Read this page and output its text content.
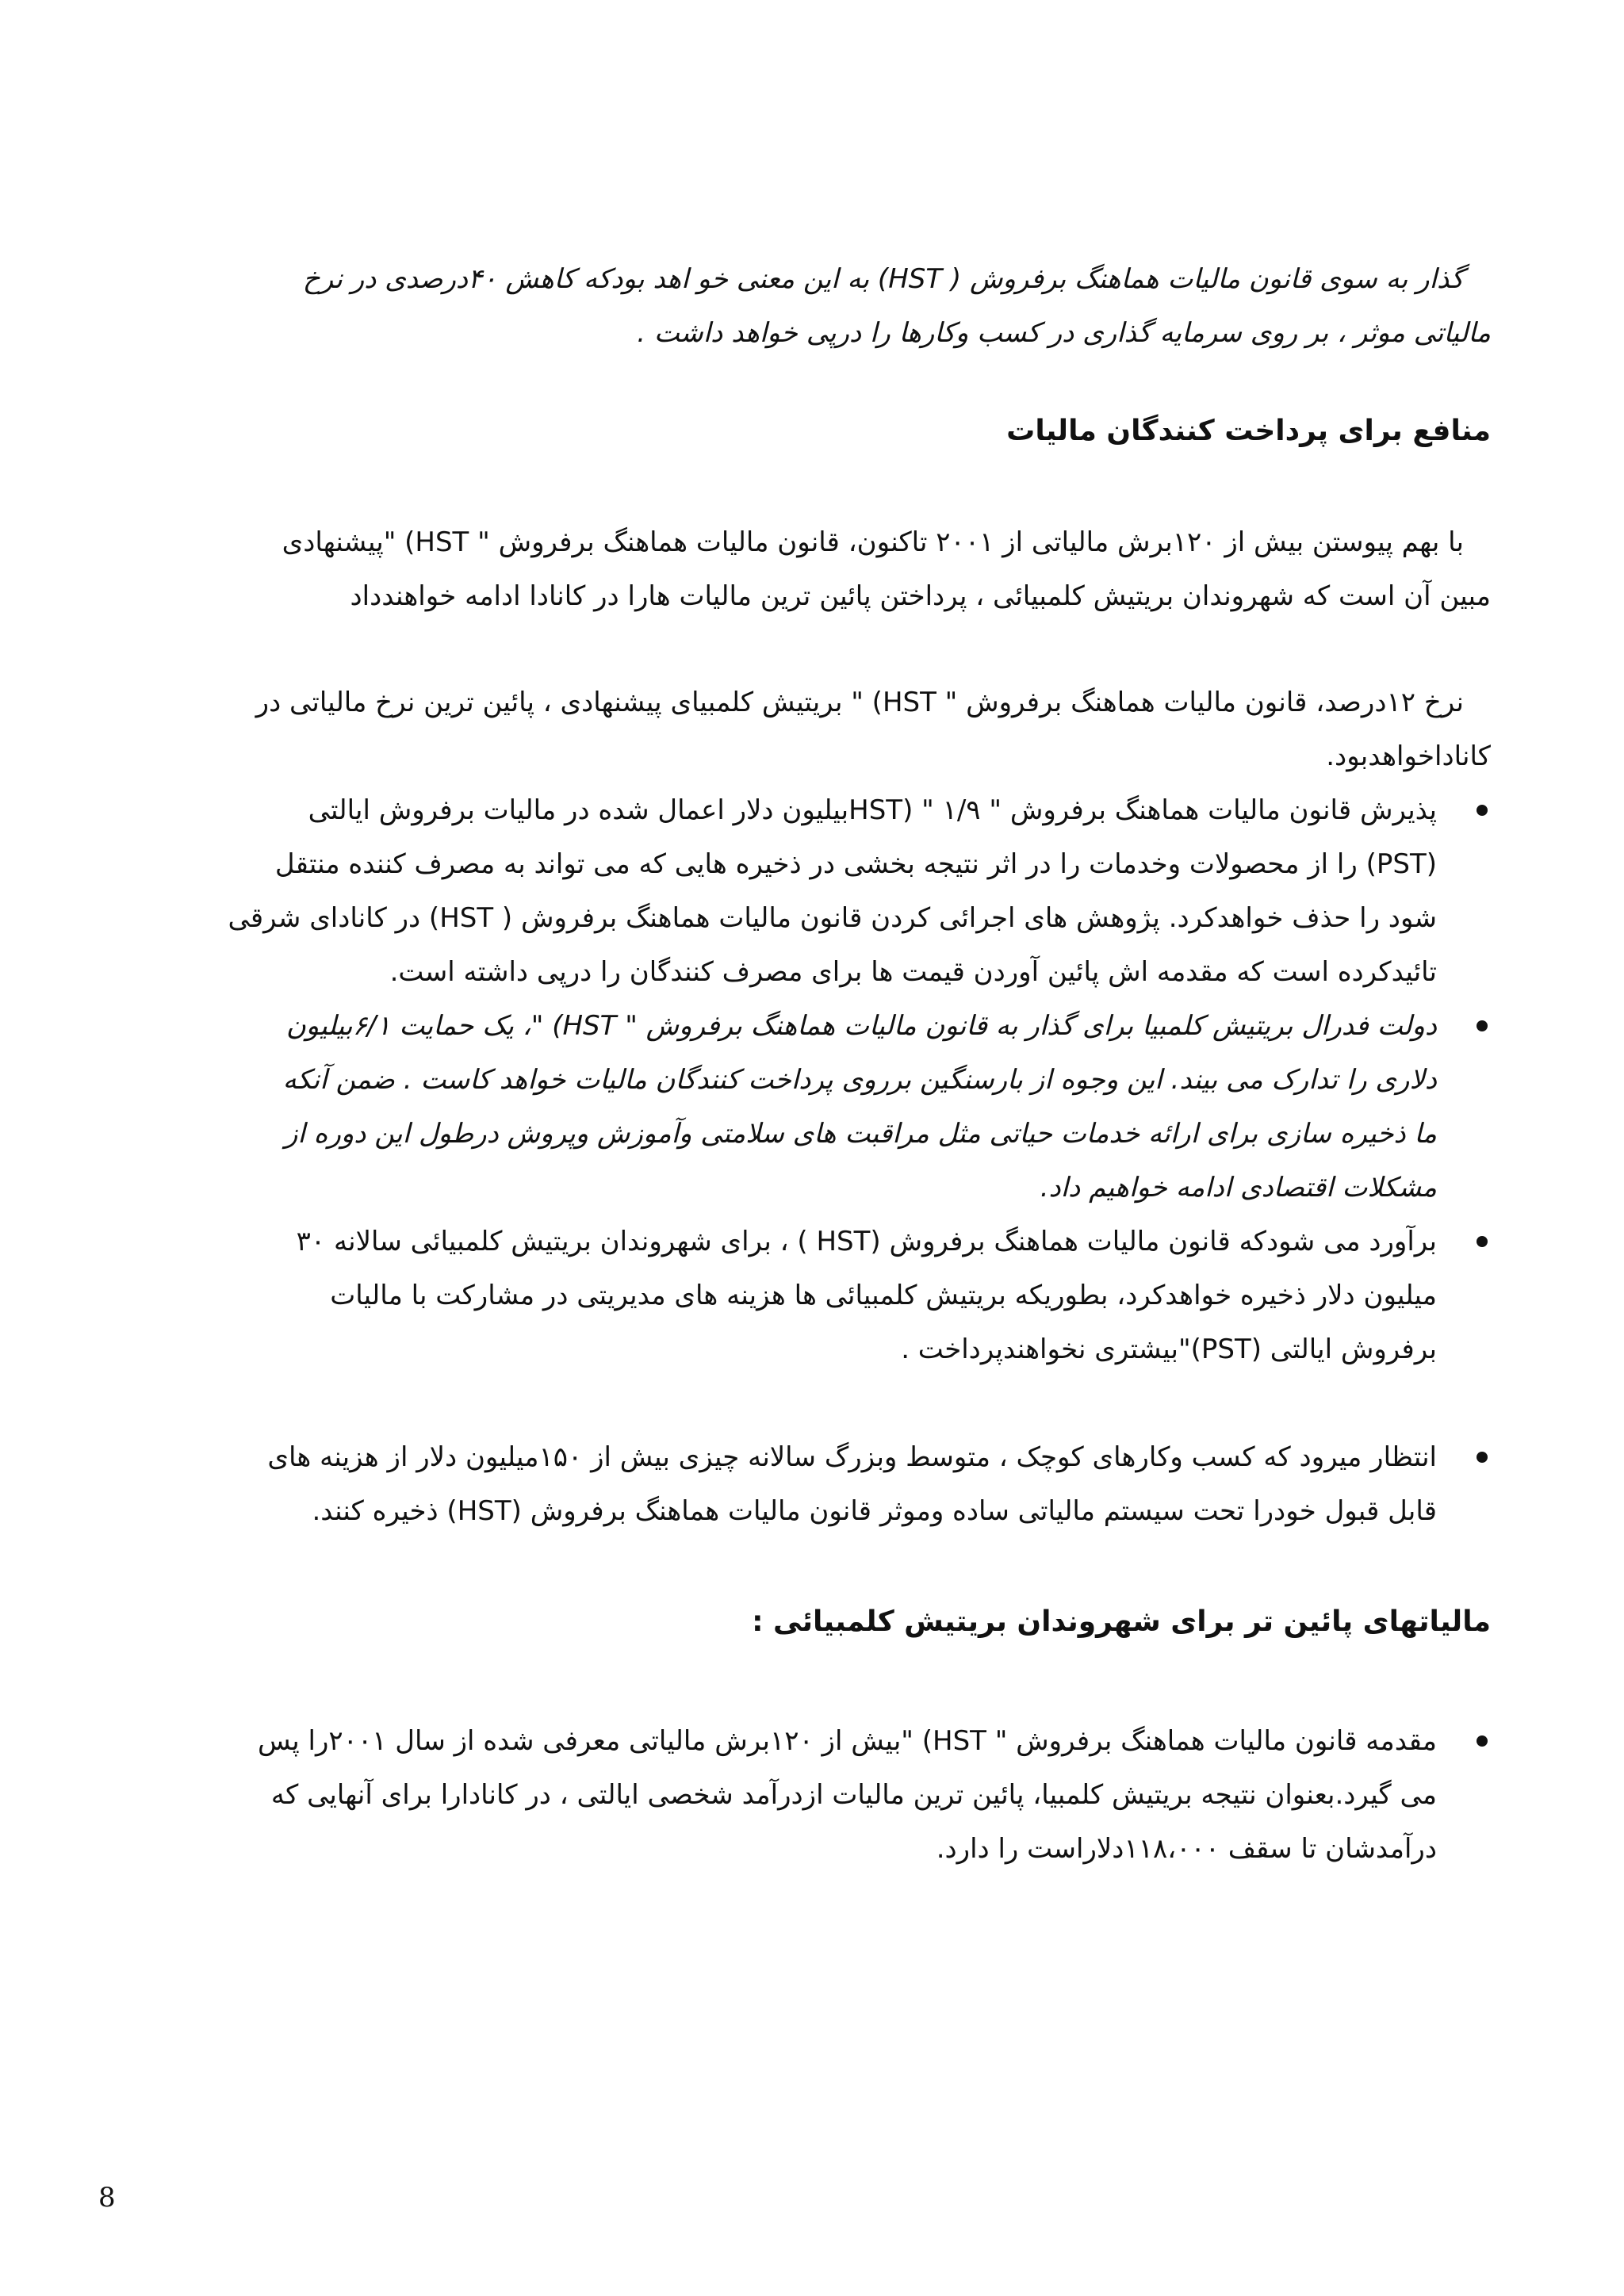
گذار به سوی قانون مالیات هماهنگ برفروش ( HST) به این معنی خو اهد بودکه کاهش ۴۰درصدی در نرخ
مالیاتی موثر ، بر روی سرمایه گذاری در کسب وکارها را درپی خواهد داشت .

منافع برای پرداخت کنندگان مالیات

با بهم پیوستن بیش از ۱۲۰برش مالیاتی از ۲۰۰۱ تاکنون، قانون مالیات هماهنگ برفروش " HST) "پیشنهادی
مبین آن است که شهروندان بریتیش کلمبیائی ، پرداختن پائین ترین مالیات هارا در کانادا ادامه خواهندداد

نرخ ۱۲درصد، قانون مالیات هماهنگ برفروش " HST) " بریتیش کلمبیای پیشنهادی ، پائین ترین نرخ مالیاتی در
کاناداخواهدبود.

پذیرش قانون مالیات هماهنگ برفروش " HST) " ۱/۹بیلیون دلار اعمال شده در مالیات برفروش ایالتی
(PST) را از محصولات وخدمات را در اثر نتیجه بخشی در ذخیره هایی که می تواند به مصرف کننده منتقل
شود را حذف خواهدکرد. پژوهش های اجرائی کردن قانون مالیات هماهنگ برفروش ( HST) در کانادای شرقی
تائیدکرده است که مقدمه اش پائین آوردن قیمت ها برای مصرف کنندگان را درپی داشته است.
دولت فدرال بریتیش کلمبیا برای گذار به قانون مالیات هماهنگ برفروش " HST) "، یک حمایت ۶/۱بیلیون
دلاری را تدارک می بیند. این وجوه از بارسنگین برروی پرداخت کنندگان مالیات خواهد کاست . ضمن آنکه
ما ذخیره سازی برای ارائه خدمات حیاتی مثل مراقبت های سلامتی وآموزش وپروش درطول این دوره از
مشکلات اقتصادی ادامه خواهیم داد.
برآورد می شودکه قانون مالیات هماهنگ برفروش (HST ) ، برای شهروندان بریتیش کلمبیائی سالانه ۳۰
میلیون دلار ذخیره خواهدکرد، بطوریکه بریتیش کلمبیائی ها هزینه های مدیریتی در مشارکت با مالیات
برفروش ایالتی (PST)"بیشتری نخواهندپرداخت .
انتظار میرود که کسب وکارهای کوچک ، متوسط وبزرگ سالانه چیزی بیش از ۱۵۰میلیون دلار از هزینه های
قابل قبول خودرا تحت سیستم مالیاتی ساده وموثر قانون مالیات هماهنگ برفروش (HST) ذخیره کنند.
مالیاتهای پائین تر برای شهروندان بریتیش کلمبیائی :
مقدمه قانون مالیات هماهنگ برفروش " HST) "بیش از ۱۲۰برش مالیاتی معرفی شده از سال ۲۰۰۱را پس
می گیرد.بعنوان نتیجه بریتیش کلمبیا، پائین ترین مالیات ازدرآمد شخصی ایالتی ، در کانادارا برای آنهایی که
درآمدشان تا سقف ۱۱۸،۰۰۰دلاراست را دارد.
8
